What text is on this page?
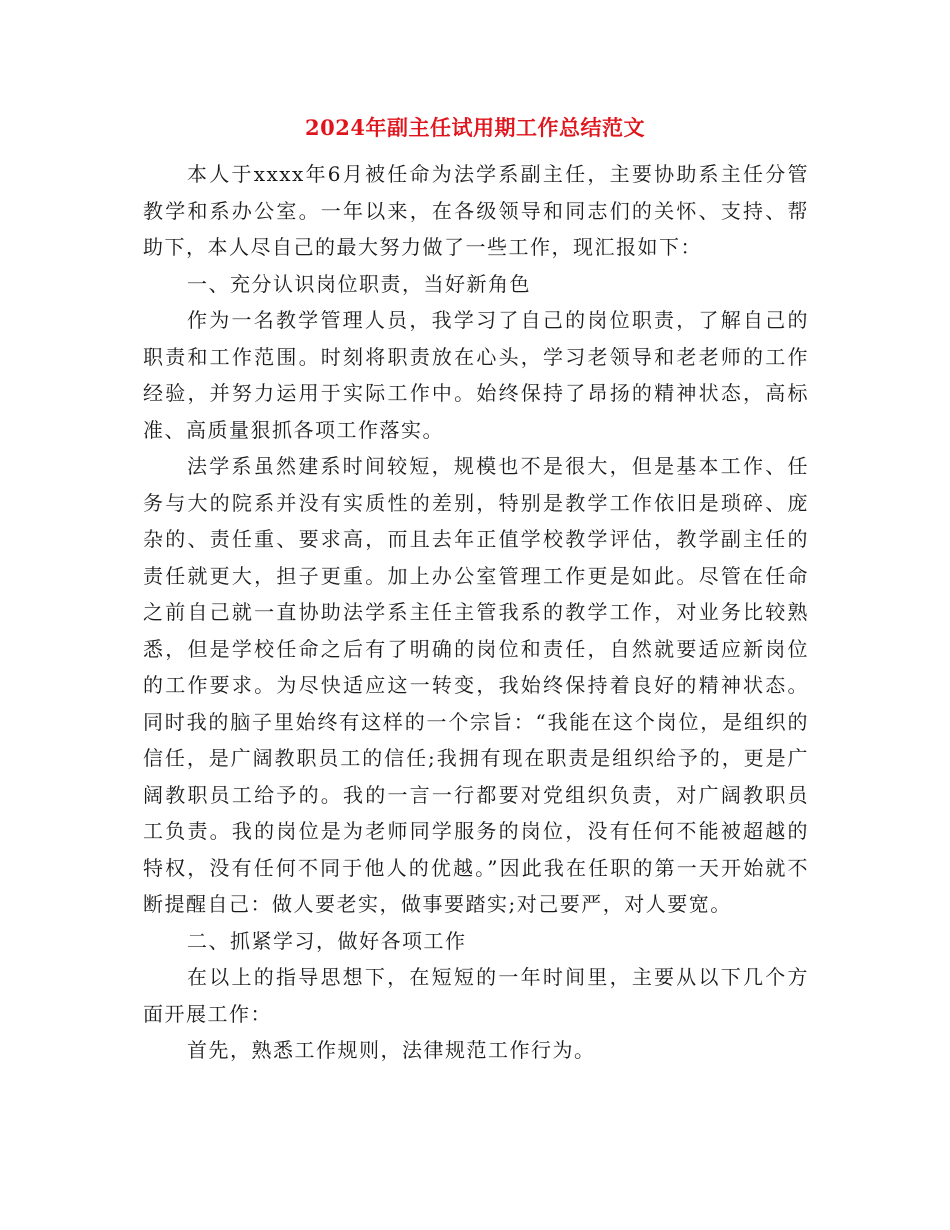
2024年副主任试用期工作总结范文

本人于xxxx年6月被任命为法学系副主任，主要协助系主任分管教学和系办公室。一年以来，在各级领导和同志们的关怀、支持、帮助下，本人尽自己的最大努力做了一些工作，现汇报如下：

一、充分认识岗位职责，当好新角色

作为一名教学管理人员，我学习了自己的岗位职责，了解自己的职责和工作范围。时刻将职责放在心头，学习老领导和老老师的工作经验，并努力运用于实际工作中。始终保持了昂扬的精神状态，高标准、高质量狠抓各项工作落实。

法学系虽然建系时间较短，规模也不是很大，但是基本工作、任务与大的院系并没有实质性的差别，特别是教学工作依旧是琐碎、庞杂的、责任重、要求高，而且去年正值学校教学评估，教学副主任的责任就更大，担子更重。加上办公室管理工作更是如此。尽管在任命之前自己就一直协助法学系主任主管我系的教学工作，对业务比较熟悉，但是学校任命之后有了明确的岗位和责任，自然就要适应新岗位的工作要求。为尽快适应这一转变，我始终保持着良好的精神状态。同时我的脑子里始终有这样的一个宗旨：“我能在这个岗位，是组织的信任，是广阔教职员工的信任;我拥有现在职责是组织给予的，更是广阔教职员工给予的。我的一言一行都要对党组织负责，对广阔教职员工负责。我的岗位是为老师同学服务的岗位，没有任何不能被超越的特权，没有任何不同于他人的优越。”因此我在任职的第一天开始就不断提醒自己：做人要老实，做事要踏实;对己要严，对人要宽。

二、抓紧学习，做好各项工作

在以上的指导思想下，在短短的一年时间里，主要从以下几个方面开展工作：

首先，熟悉工作规则，法律规范工作行为。
